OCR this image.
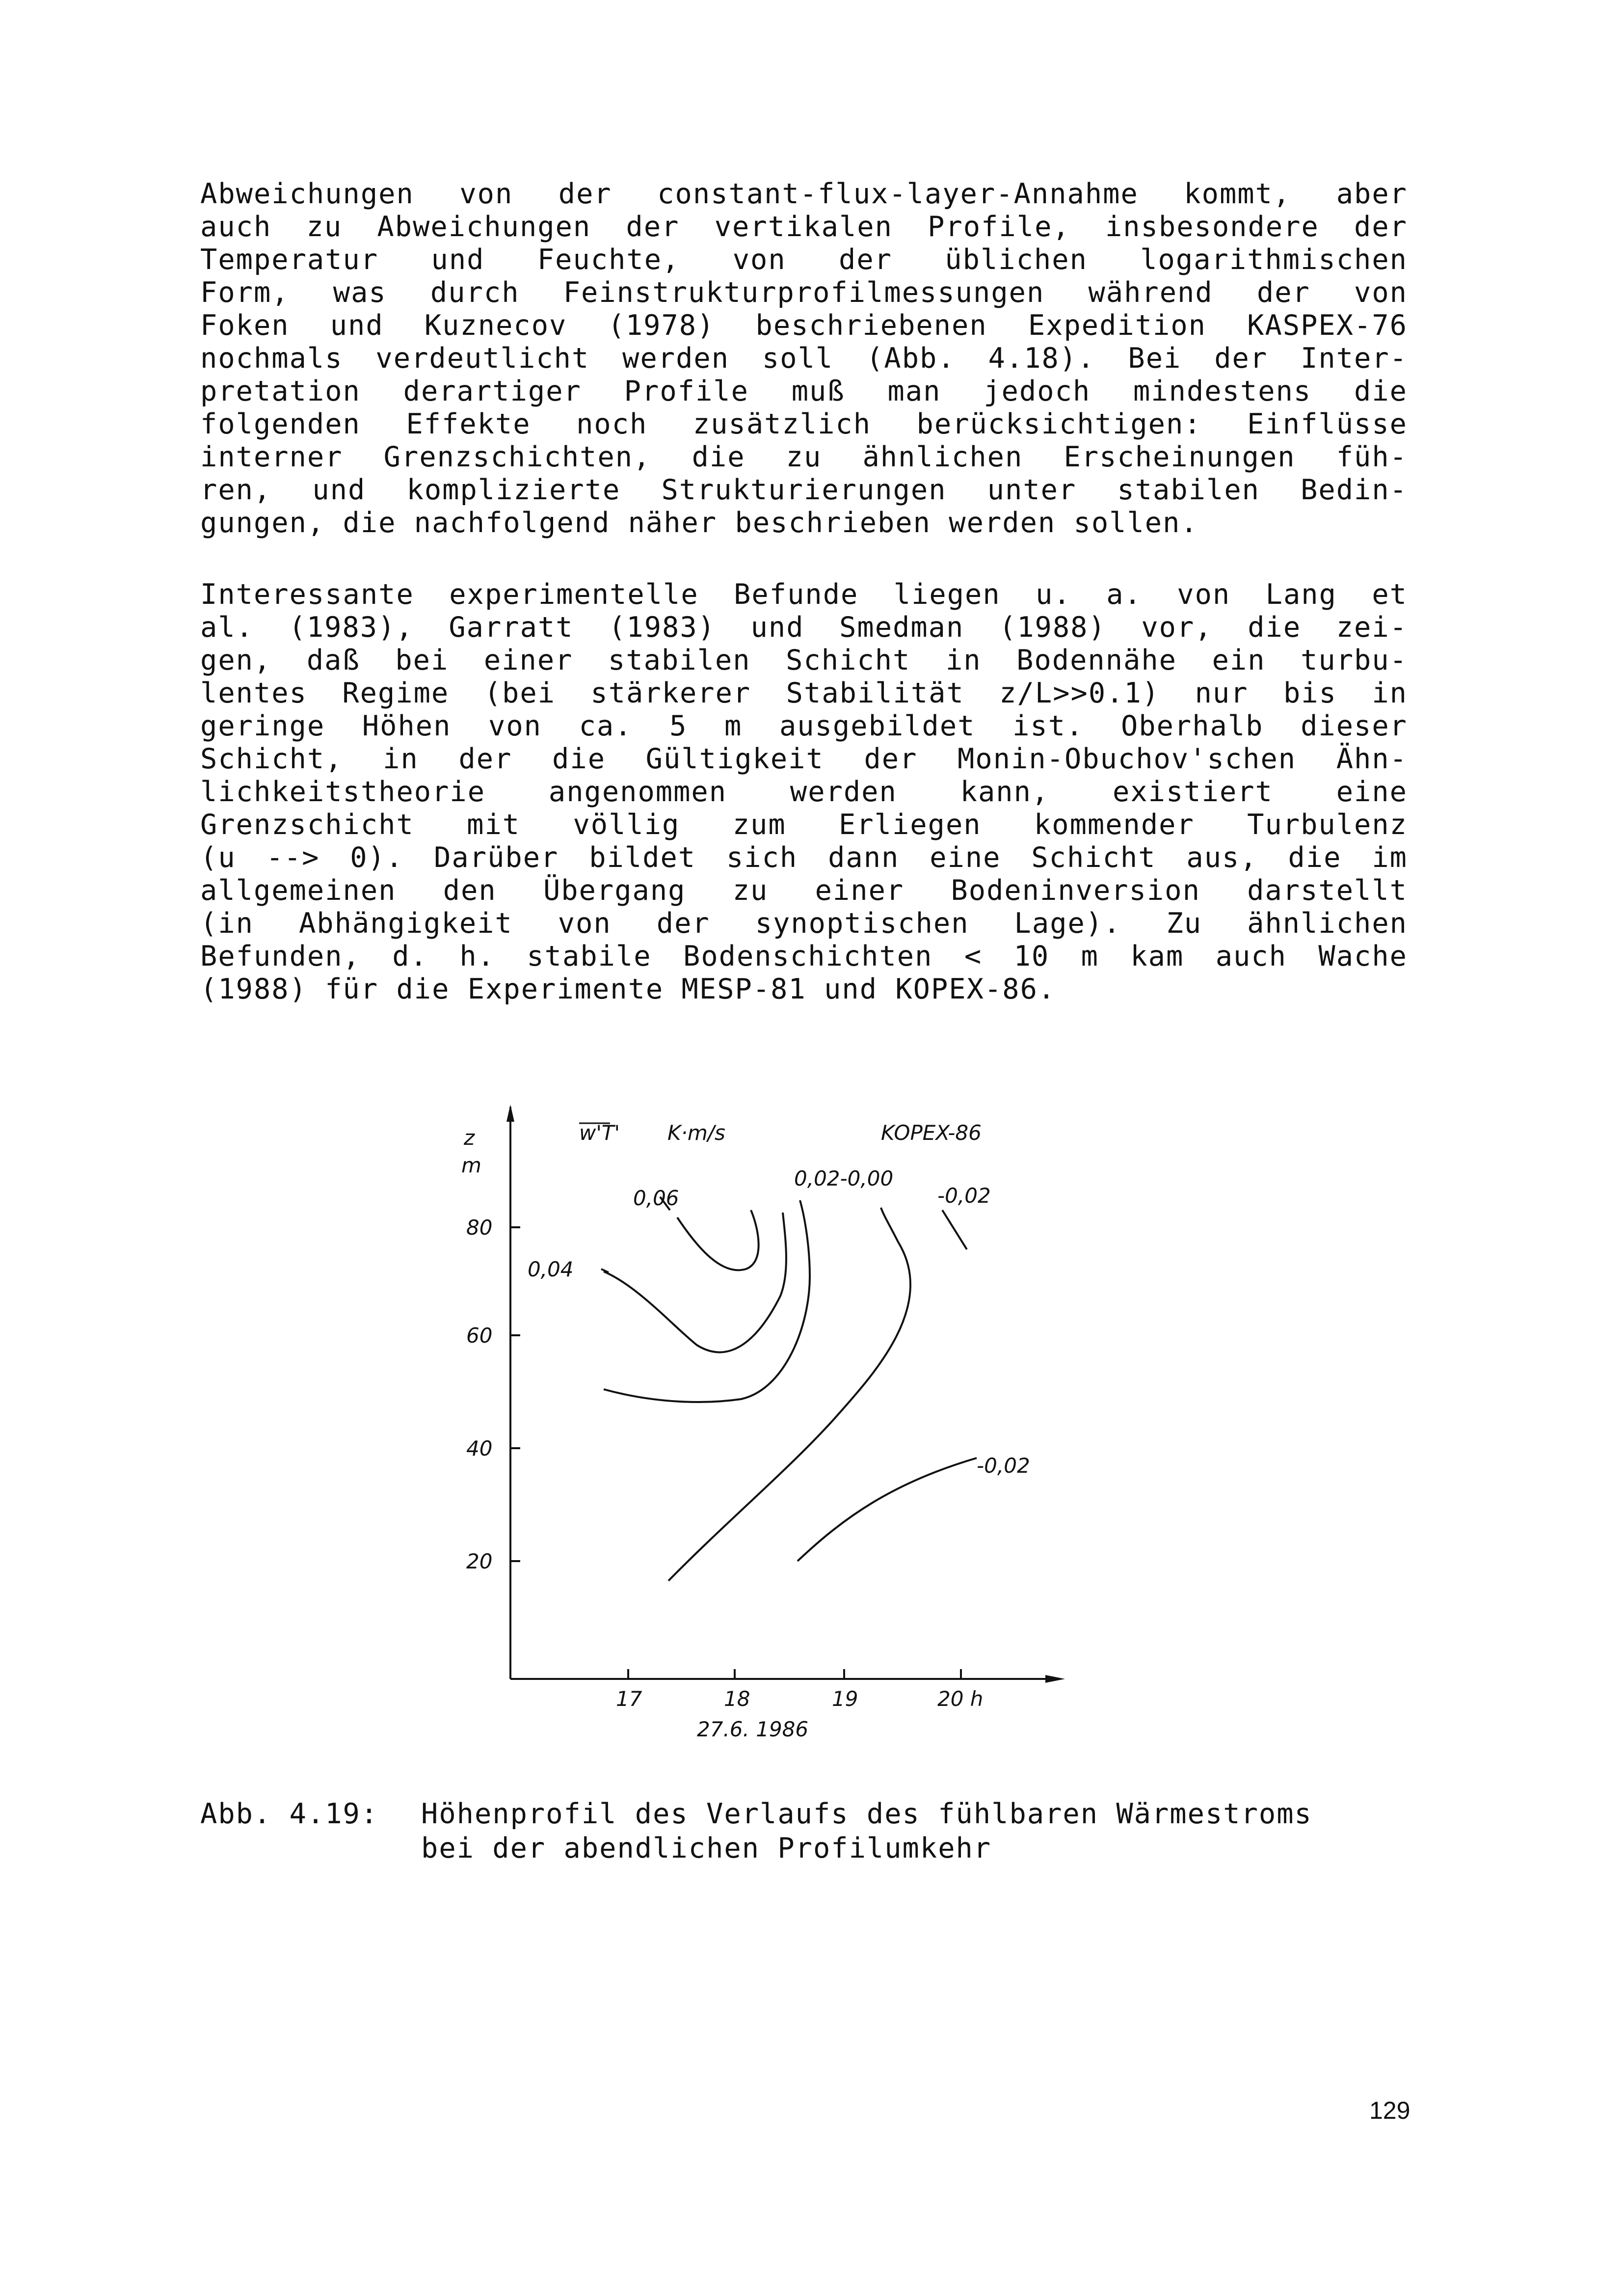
Abweichungen von der constant-flux-layer-Annahme kommt, aber
auch zu Abweichungen der vertikalen Profile, insbesondere der
Temperatur und Feuchte, von der üblichen logarithmischen
Form, was durch Feinstrukturprofilmessungen während der von
Foken und Kuznecov (1978) beschriebenen Expedition KASPEX-76
nochmals verdeutlicht werden soll (Abb. 4.18). Bei der Inter-
pretation derartiger Profile muß man jedoch mindestens die
folgenden Effekte noch zusätzlich berücksichtigen: Einflüsse
interner Grenzschichten, die zu ähnlichen Erscheinungen füh-
ren, und komplizierte Strukturierungen unter stabilen Bedin-
gungen, die nachfolgend näher beschrieben werden sollen.
Interessante experimentelle Befunde liegen u. a. von Lang et
al. (1983), Garratt (1983) und Smedman (1988) vor, die zei-
gen, daß bei einer stabilen Schicht in Bodennähe ein turbu-
lentes Regime (bei stärkerer Stabilität z/L>>0.1) nur bis in
geringe Höhen von ca. 5 m ausgebildet ist. Oberhalb dieser
Schicht, in der die Gültigkeit der Monin-Obuchov'schen Ähn-
lichkeitstheorie angenommen werden kann, existiert eine
Grenzschicht mit völlig zum Erliegen kommender Turbulenz
(u --> 0). Darüber bildet sich dann eine Schicht aus, die im
allgemeinen den Übergang zu einer Bodeninversion darstellt
(in Abhängigkeit von der synoptischen Lage). Zu ähnlichen
Befunden, d. h. stabile Bodenschichten < 10 m kam auch Wache
(1988) für die Experimente MESP-81 und KOPEX-86.
z
m
w'T' K·m/s	KOPEX-86
80
60
40
20
17	18	19	20 h
27.6. 1986
0,06
0,04
0,02-0,00
-0,02
-0,02
Abb. 4.19: Höhenprofil des Verlaufs des fühlbaren Wärmestroms
bei der abendlichen Profilumkehr
129
